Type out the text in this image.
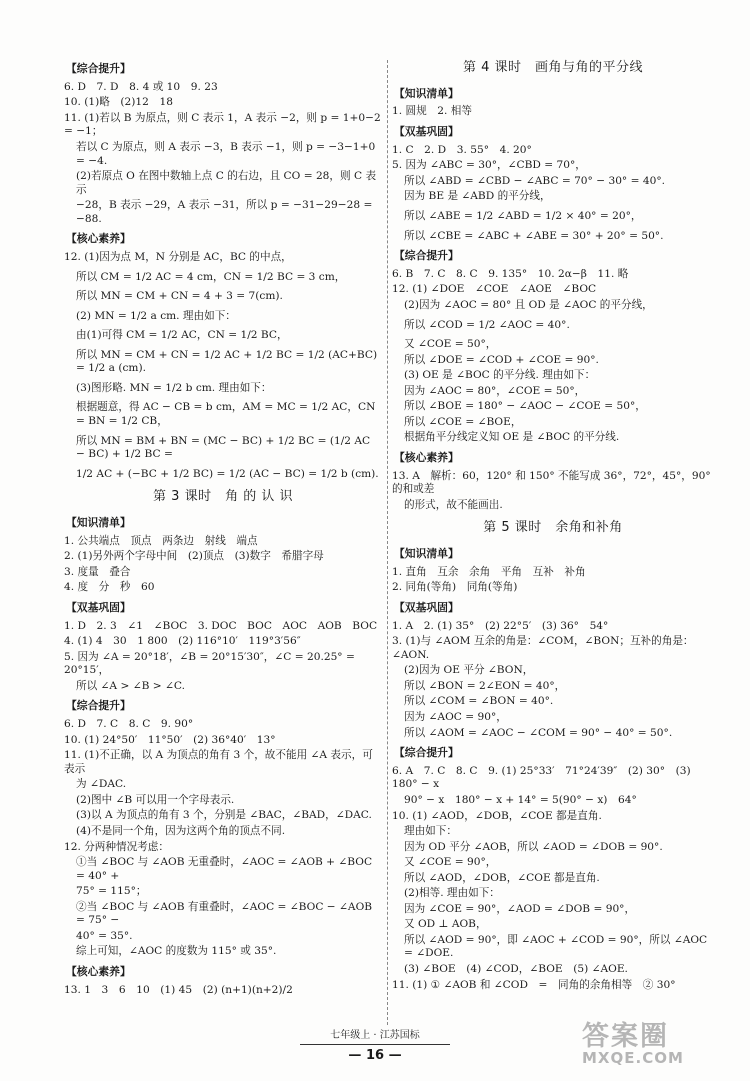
【综合提升】
6. D　7. D　8. 4 或 10　9. 23
10. (1)略　(2)12　18
11. (1)若以 B 为原点，则 C 表示 1，A 表示 −2，则 p = 1+0−2 = −1；
若以 C 为原点，则 A 表示 −3，B 表示 −1，则 p = −3−1+0 = −4.
(2)若原点 O 在图中数轴上点 C 的右边，且 CO = 28，则 C 表示
−28，B 表示 −29，A 表示 −31，所以 p = −31−29−28 = −88.
【核心素养】
12. (1)因为点 M，N 分别是 AC，BC 的中点，
所以 CM = 1/2 AC = 4 cm，CN = 1/2 BC = 3 cm，
所以 MN = CM + CN = 4 + 3 = 7(cm).
(2) MN = 1/2 a cm. 理由如下：
由(1)可得 CM = 1/2 AC，CN = 1/2 BC，
所以 MN = CM + CN = 1/2 AC + 1/2 BC = 1/2 (AC+BC) = 1/2 a (cm).
(3)图形略. MN = 1/2 b cm. 理由如下：
根据题意，得 AC − CB = b cm，AM = MC = 1/2 AC，CN = BN = 1/2 CB，
所以 MN = BM + BN = (MC − BC) + 1/2 BC = (1/2 AC − BC) + 1/2 BC =
1/2 AC + (−BC + 1/2 BC) = 1/2 (AC − BC) = 1/2 b (cm).
第 3 课时　角 的 认 识
【知识清单】
1. 公共端点　顶点　两条边　射线　端点
2. (1)另外两个字母中间　(2)顶点　(3)数字　希腊字母
3. 度量　叠合
4. 度　分　秒　60
【双基巩固】
1. D　2. 3　∠1　∠BOC　3. DOC　BOC　AOC　AOB　BOC
4. (1) 4　30　1 800　(2) 116°10′　119°3′56″
5. 因为 ∠A = 20°18′，∠B = 20°15′30″，∠C = 20.25° = 20°15′，
所以 ∠A > ∠B > ∠C.
【综合提升】
6. D　7. C　8. C　9. 90°
10. (1) 24°50′　11°50′　(2) 36°40′　13°
11. (1)不正确，以 A 为顶点的角有 3 个，故不能用 ∠A 表示，可表示
为 ∠DAC.
(2)图中 ∠B 可以用一个字母表示.
(3)以 A 为顶点的角有 3 个，分别是 ∠BAC，∠BAD，∠DAC.
(4)不是同一个角，因为这两个角的顶点不同.
12. 分两种情况考虑：
①当 ∠BOC 与 ∠AOB 无重叠时，∠AOC = ∠AOB + ∠BOC = 40° +
75° = 115°；
②当 ∠BOC 与 ∠AOB 有重叠时，∠AOC = ∠BOC − ∠AOB = 75° −
40° = 35°.
综上可知，∠AOC 的度数为 115° 或 35°.
【核心素养】
13. 1　3　6　10　(1) 45　(2) (n+1)(n+2)/2
第 4 课时　画角与角的平分线
【知识清单】
1. 圆规　2. 相等
【双基巩固】
1. C　2. D　3. 55°　4. 20°
5. 因为 ∠ABC = 30°，∠CBD = 70°，
所以 ∠ABD = ∠CBD − ∠ABC = 70° − 30° = 40°.
因为 BE 是 ∠ABD 的平分线，
所以 ∠ABE = 1/2 ∠ABD = 1/2 × 40° = 20°，
所以 ∠CBE = ∠ABC + ∠ABE = 30° + 20° = 50°.
【综合提升】
6. B　7. C　8. C　9. 135°　10. 2α−β　11. 略
12. (1) ∠DOE　∠COE　∠AOE　∠BOC
(2)因为 ∠AOC = 80° 且 OD 是 ∠AOC 的平分线，
所以 ∠COD = 1/2 ∠AOC = 40°.
又 ∠COE = 50°，
所以 ∠DOE = ∠COD + ∠COE = 90°.
(3) OE 是 ∠BOC 的平分线. 理由如下：
因为 ∠AOC = 80°，∠COE = 50°，
所以 ∠BOE = 180° − ∠AOC − ∠COE = 50°，
所以 ∠COE = ∠BOE，
根据角平分线定义知 OE 是 ∠BOC 的平分线.
【核心素养】
13. A　解析：60，120° 和 150° 不能写成 36°，72°，45°，90° 的和或差
的形式，故不能画出.
第 5 课时　余角和补角
【知识清单】
1. 直角　互余　余角　平角　互补　补角
2. 同角(等角)　同角(等角)
【双基巩固】
1. A　2. (1) 35°　(2) 22°5′　(3) 36°　54°
3. (1)与 ∠AOM 互余的角是：∠COM，∠BON；互补的角是：∠AON.
(2)因为 OE 平分 ∠BON，
所以 ∠BON = 2∠EON = 40°，
所以 ∠COM = ∠BON = 40°.
因为 ∠AOC = 90°，
所以 ∠AOM = ∠AOC − ∠COM = 90° − 40° = 50°.
【综合提升】
6. A　7. C　8. C　9. (1) 25°33′　71°24′39″　(2) 30°　(3) 180° − x
90° − x　180° − x + 14° = 5(90° − x)　64°
10. (1) ∠AOD，∠DOB，∠COE 都是直角.
理由如下：
因为 OD 平分 ∠AOB，所以 ∠AOD = ∠DOB = 90°.
又 ∠COE = 90°，
所以 ∠AOD，∠DOB，∠COE 都是直角.
(2)相等. 理由如下：
因为 ∠COE = 90°，∠AOD = ∠DOB = 90°，
又 OD ⊥ AOB，
所以 ∠AOD = 90°，即 ∠AOC + ∠COD = 90°，所以 ∠AOC = ∠DOE.
(3) ∠BOE　(4) ∠COD，∠BOE　(5) ∠AOE.
11. (1) ① ∠AOB 和 ∠COD　=　同角的余角相等　② 30°
七年级上 · 江苏国标
— 16 —
答案圈
MXQE.COM
